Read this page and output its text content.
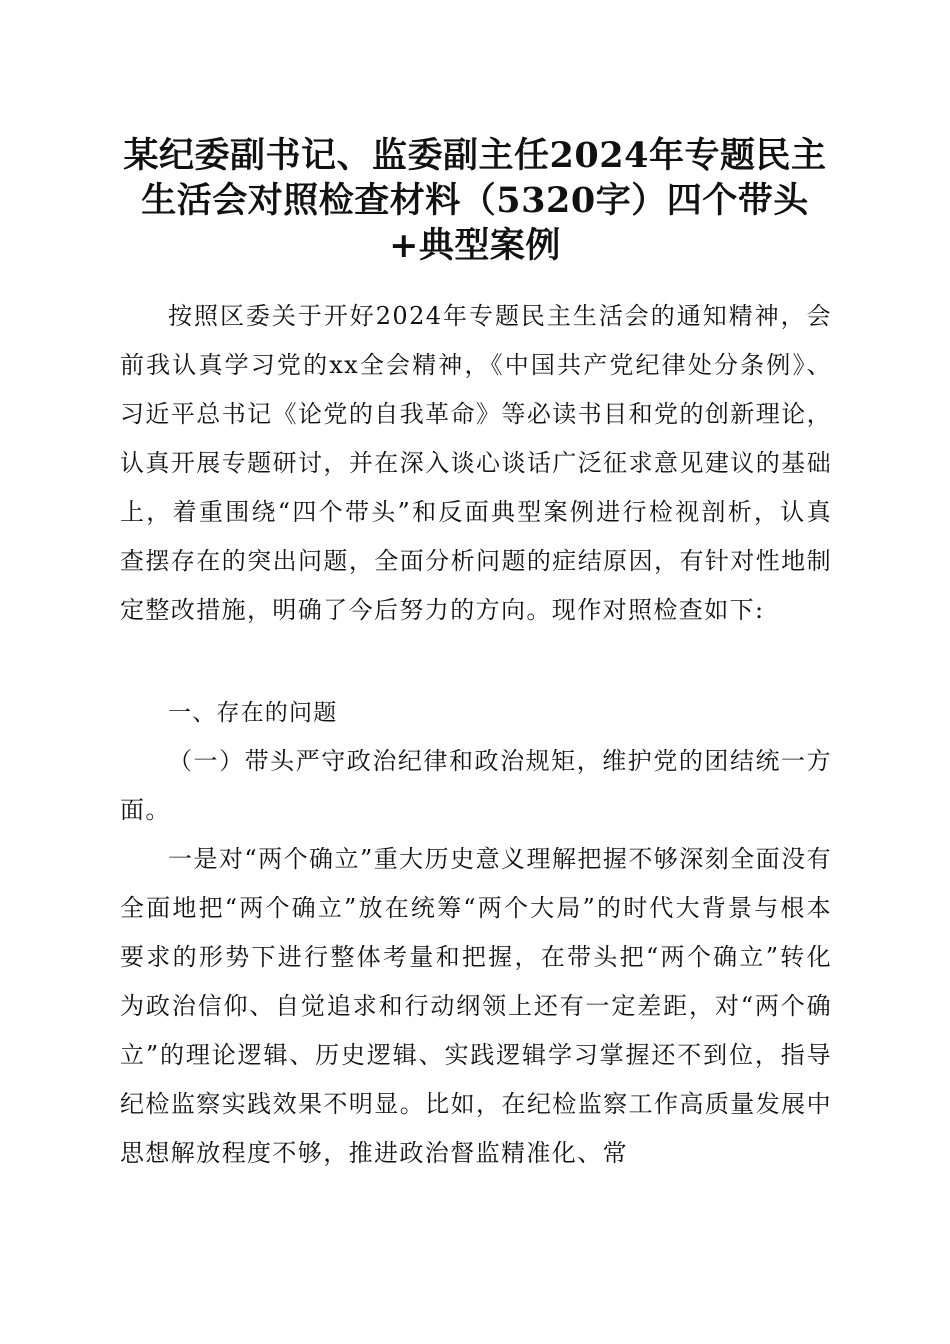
某纪委副书记、监委副主任2024年专题民主生活会对照检查材料（5320字）四个带头+典型案例
按照区委关于开好2024年专题民主生活会的通知精神，会前我认真学习党的xx全会精神，《中国共产党纪律处分条例》、习近平总书记《论党的自我革命》等必读书目和党的创新理论，认真开展专题研讨，并在深入谈心谈话广泛征求意见建议的基础上，着重围绕“四个带头”和反面典型案例进行检视剖析，认真查摆存在的突出问题，全面分析问题的症结原因，有针对性地制定整改措施，明确了今后努力的方向。现作对照检查如下:
一、存在的问题
（一）带头严守政治纪律和政治规矩，维护党的团结统一方面。
一是对“两个确立”重大历史意义理解把握不够深刻全面没有全面地把“两个确立”放在统筹“两个大局”的时代大背景与根本要求的形势下进行整体考量和把握，在带头把“两个确立”转化为政治信仰、自觉追求和行动纲领上还有一定差距，对“两个确立”的理论逻辑、历史逻辑、实践逻辑学习掌握还不到位，指导纪检监察实践效果不明显。比如，在纪检监察工作高质量发展中思想解放程度不够，推进政治督监精准化、常
